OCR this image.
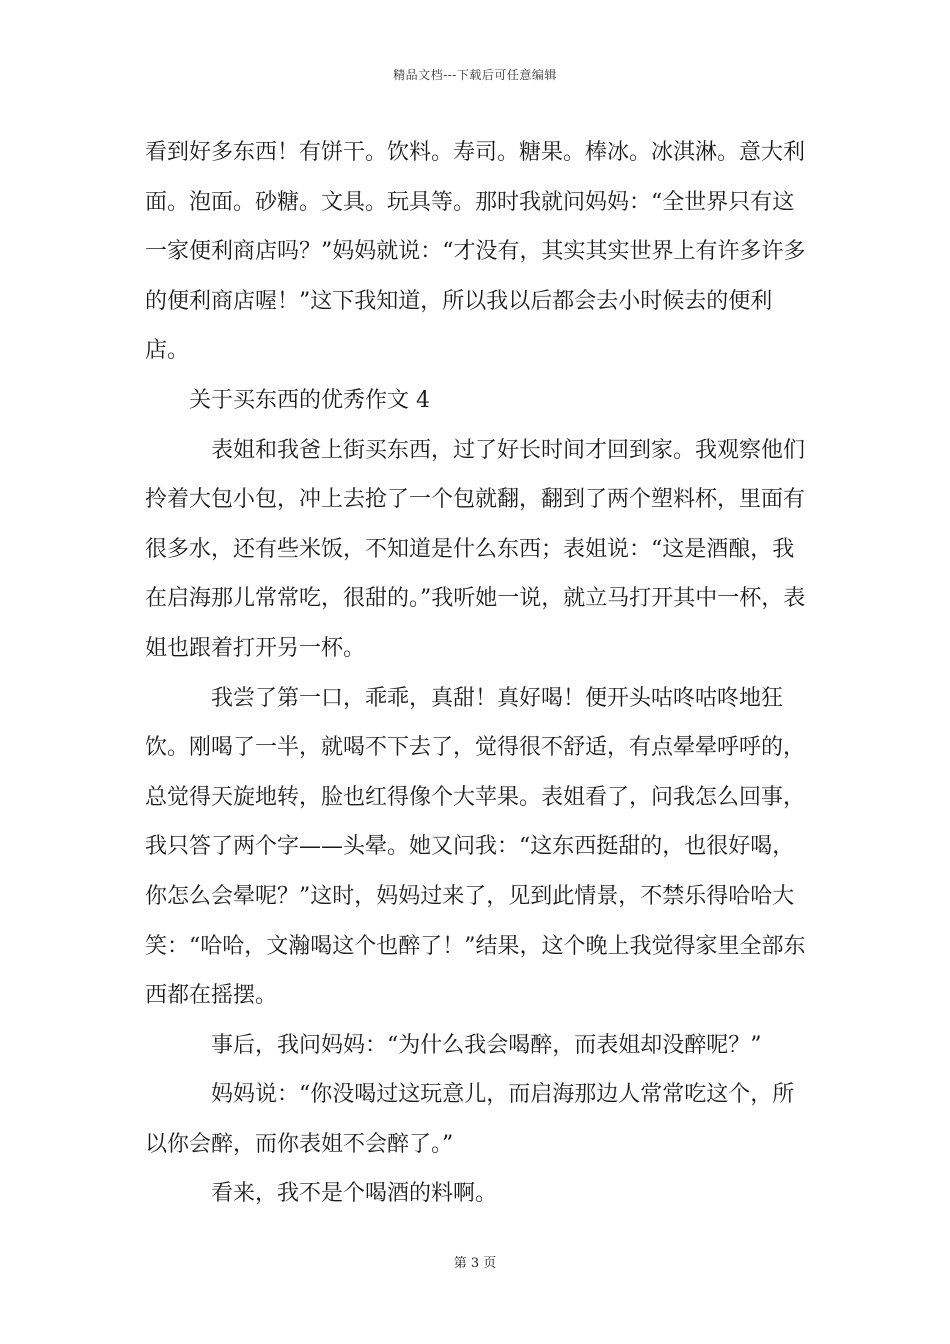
精品文档---下载后可任意编辑

看到好多东西！有饼干。饮料。寿司。糖果。棒冰。冰淇淋。意大利面。泡面。砂糖。文具。玩具等。那时我就问妈妈：“全世界只有这一家便利商店吗？”妈妈就说：“才没有，其实其实世界上有许多许多的便利商店喔！”这下我知道，所以我以后都会去小时候去的便利店。

关于买东西的优秀作文 4

表姐和我爸上街买东西，过了好长时间才回到家。我观察他们拎着大包小包，冲上去抢了一个包就翻，翻到了两个塑料杯，里面有很多水，还有些米饭，不知道是什么东西；表姐说：“这是酒酿，我在启海那儿常常吃，很甜的。”我听她一说，就立马打开其中一杯，表姐也跟着打开另一杯。

我尝了第一口，乖乖，真甜！真好喝！便开头咕咚咕咚地狂饮。刚喝了一半，就喝不下去了，觉得很不舒适，有点晕晕呼呼的，总觉得天旋地转，脸也红得像个大苹果。表姐看了，问我怎么回事，我只答了两个字——头晕。她又问我：“这东西挺甜的，也很好喝，你怎么会晕呢？”这时，妈妈过来了，见到此情景，不禁乐得哈哈大笑：“哈哈，文瀚喝这个也醉了！”结果，这个晚上我觉得家里全部东西都在摇摆。

事后，我问妈妈：“为什么我会喝醉，而表姐却没醉呢？”

妈妈说：“你没喝过这玩意儿，而启海那边人常常吃这个，所以你会醉，而你表姐不会醉了。”

看来，我不是个喝酒的料啊。

第 3 页
